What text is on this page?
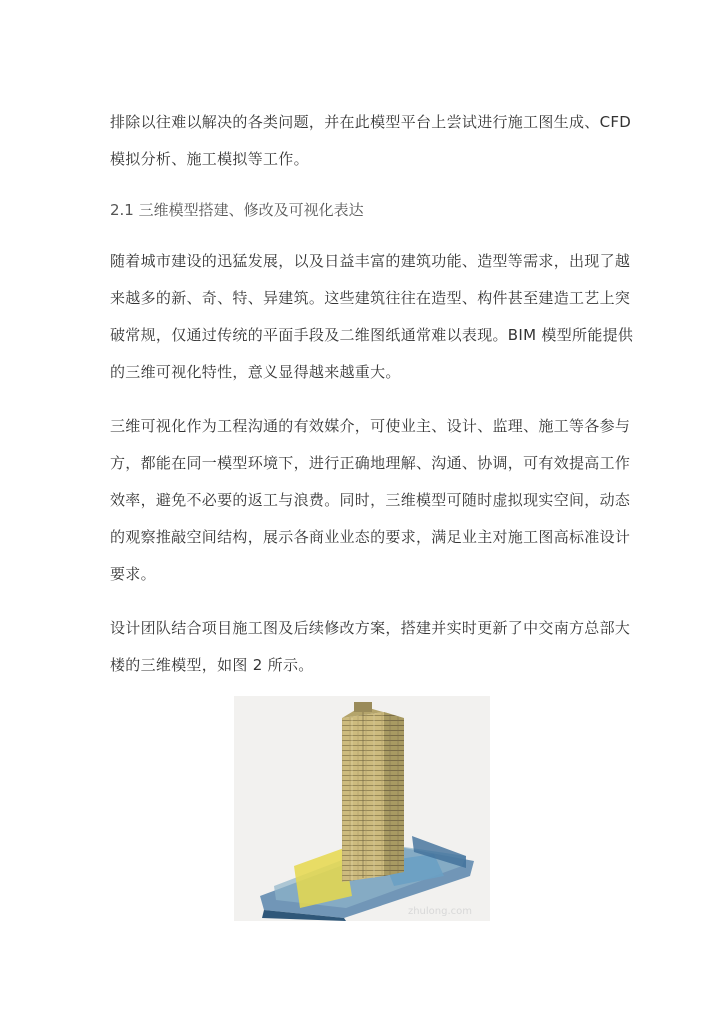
排除以往难以解决的各类问题，并在此模型平台上尝试进行施工图生成、CFD
模拟分析、施工模拟等工作。

2.1 三维模型搭建、修改及可视化表达

随着城市建设的迅猛发展，以及日益丰富的建筑功能、造型等需求，出现了越
来越多的新、奇、特、异建筑。这些建筑往往在造型、构件甚至建造工艺上突
破常规，仅通过传统的平面手段及二维图纸通常难以表现。BIM 模型所能提供
的三维可视化特性，意义显得越来越重大。

三维可视化作为工程沟通的有效媒介，可使业主、设计、监理、施工等各参与
方，都能在同一模型环境下，进行正确地理解、沟通、协调，可有效提高工作
效率，避免不必要的返工与浪费。同时，三维模型可随时虚拟现实空间，动态
的观察推敲空间结构，展示各商业业态的要求，满足业主对施工图高标准设计
要求。

设计团队结合项目施工图及后续修改方案，搭建并实时更新了中交南方总部大
楼的三维模型，如图 2 所示。

zhulong.com
